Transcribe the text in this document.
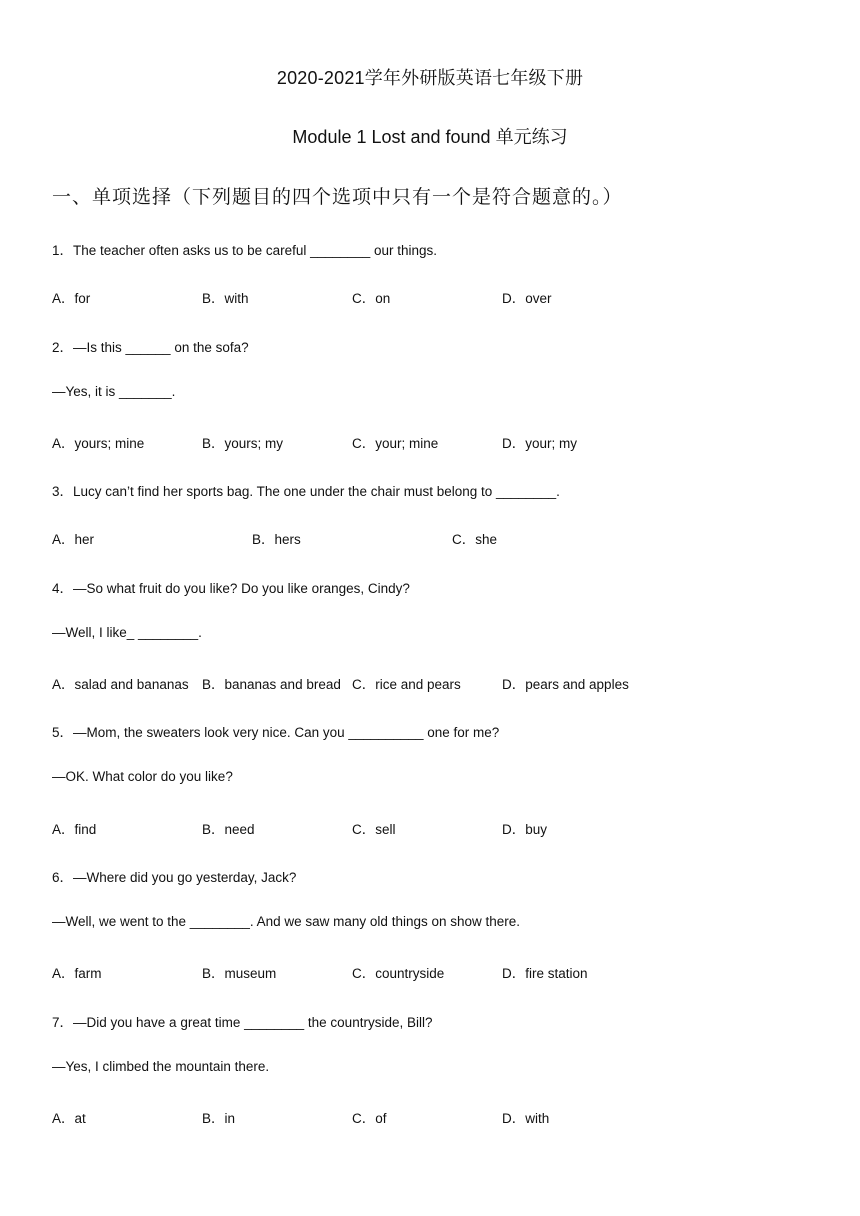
2020-2021学年外研版英语七年级下册
Module 1 Lost and found 单元练习
一、单项选择（下列题目的四个选项中只有一个是符合题意的。）
1．The teacher often asks us to be careful ________ our things.
A．for	B．with	C．on	D．over
2．—Is this ______ on the sofa?
—Yes, it is _______.
A．yours; mine	B．yours; my	C．your; mine	D．your; my
3．Lucy can’t find her sports bag. The one under the chair must belong to ________.
A．her	B．hers	C．she
4．—So what fruit do you like? Do you like oranges, Cindy?
—Well, I like_ ________.
A．salad and bananas B．bananas and bread C．rice and pears	D．pears and apples
5．—Mom, the sweaters look very nice. Can you __________ one for me?
—OK. What color do you like?
A．find	B．need	C．sell	D．buy
6．—Where did you go yesterday, Jack?
—Well, we went to the ________. And we saw many old things on show there.
A．farm	B．museum	C．countryside	D．fire station
7．—Did you have a great time ________ the countryside, Bill?
—Yes, I climbed the mountain there.
A．at	B．in	C．of	D．with
